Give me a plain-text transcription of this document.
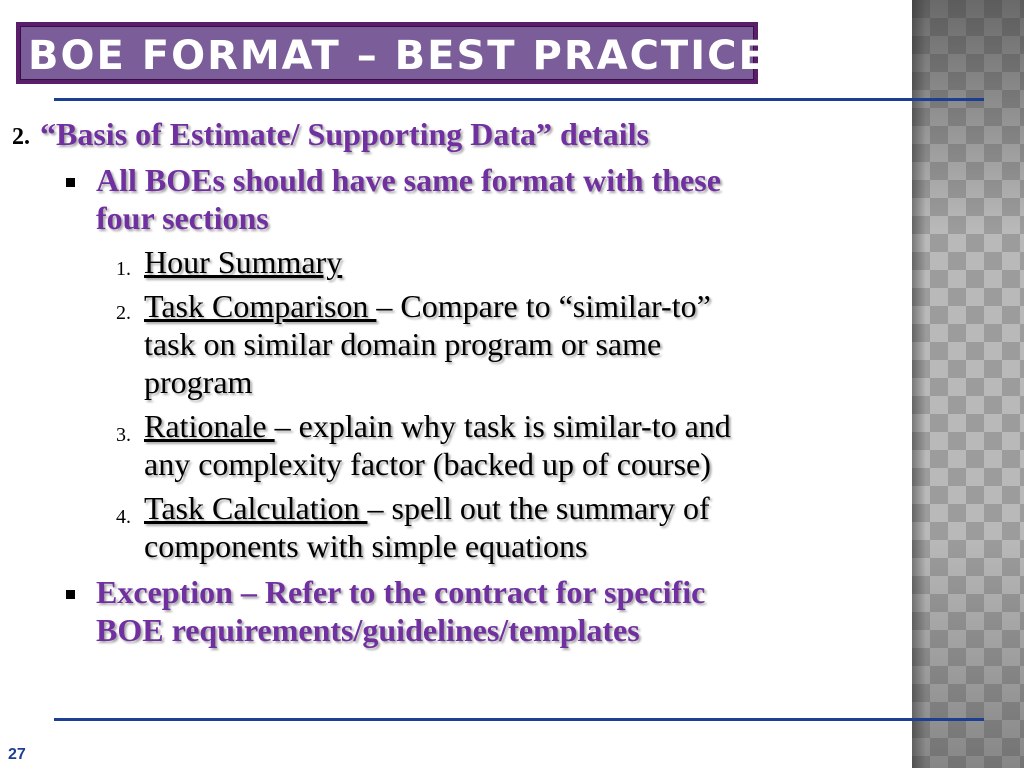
BOE FORMAT – BEST PRACTICE
2. “Basis of Estimate/ Supporting Data” details
All BOEs should have same format with these
four sections
1. Hour Summary
2. Task Comparison – Compare to “similar-to”
task on similar domain program or same
program
3. Rationale – explain why task is similar-to and
any complexity factor (backed up of course)
4. Task Calculation – spell out the summary of
components with simple equations
Exception – Refer to the contract for specific
BOE requirements/guidelines/templates
27
